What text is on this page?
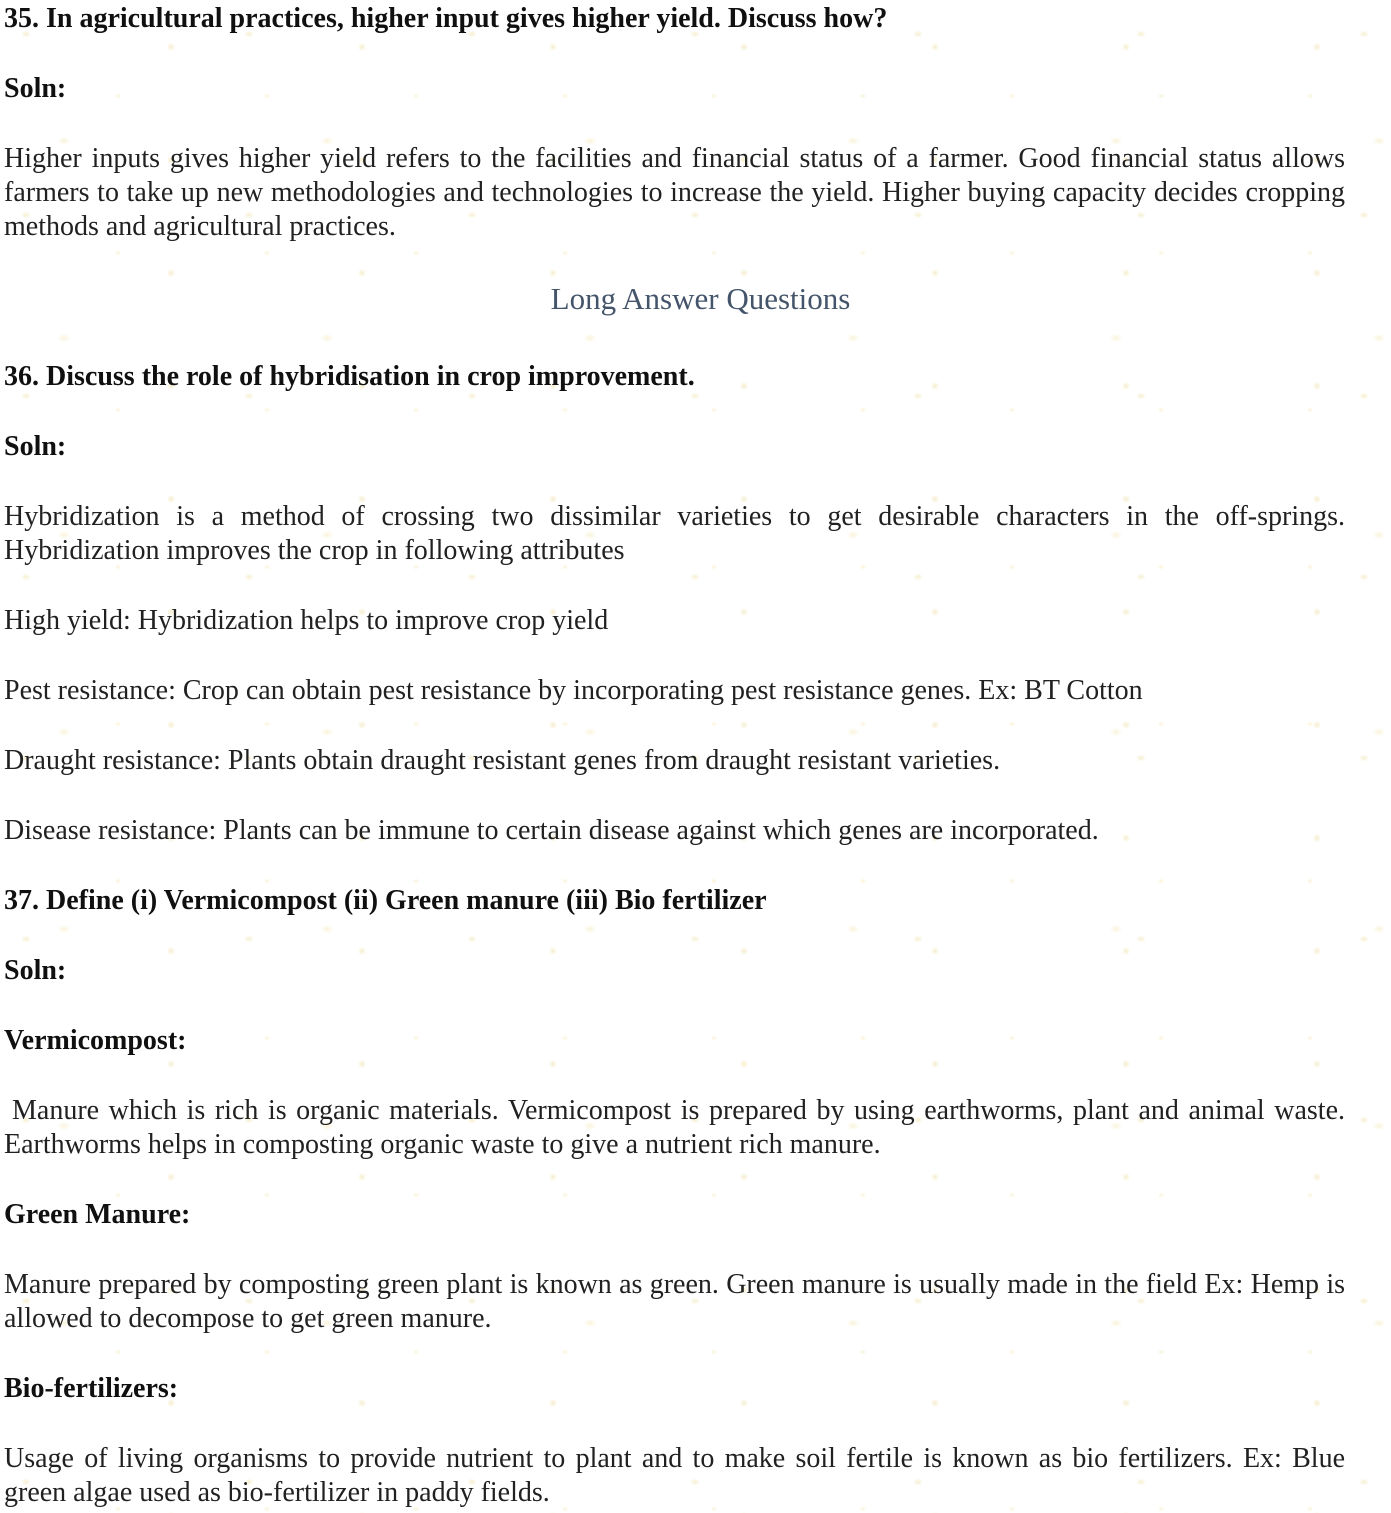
35. In agricultural practices, higher input gives higher yield. Discuss how?

Soln:

Higher inputs gives higher yield refers to the facilities and financial status of a farmer. Good financial status allows farmers to take up new methodologies and technologies to increase the yield. Higher buying capacity decides cropping methods and agricultural practices.

Long Answer Questions

36. Discuss the role of hybridisation in crop improvement.

Soln:

Hybridization is a method of crossing two dissimilar varieties to get desirable characters in the off-springs. Hybridization improves the crop in following attributes

High yield: Hybridization helps to improve crop yield

Pest resistance: Crop can obtain pest resistance by incorporating pest resistance genes. Ex: BT Cotton

Draught resistance: Plants obtain draught resistant genes from draught resistant varieties.

Disease resistance: Plants can be immune to certain disease against which genes are incorporated.

37. Define (i) Vermicompost (ii) Green manure (iii) Bio fertilizer

Soln:

Vermicompost:

Manure which is rich is organic materials. Vermicompost is prepared by using earthworms, plant and animal waste. Earthworms helps in composting organic waste to give a nutrient rich manure.

Green Manure:

Manure prepared by composting green plant is known as green. Green manure is usually made in the field Ex: Hemp is allowed to decompose to get green manure.

Bio-fertilizers:

Usage of living organisms to provide nutrient to plant and to make soil fertile is known as bio fertilizers. Ex: Blue green algae used as bio-fertilizer in paddy fields.
